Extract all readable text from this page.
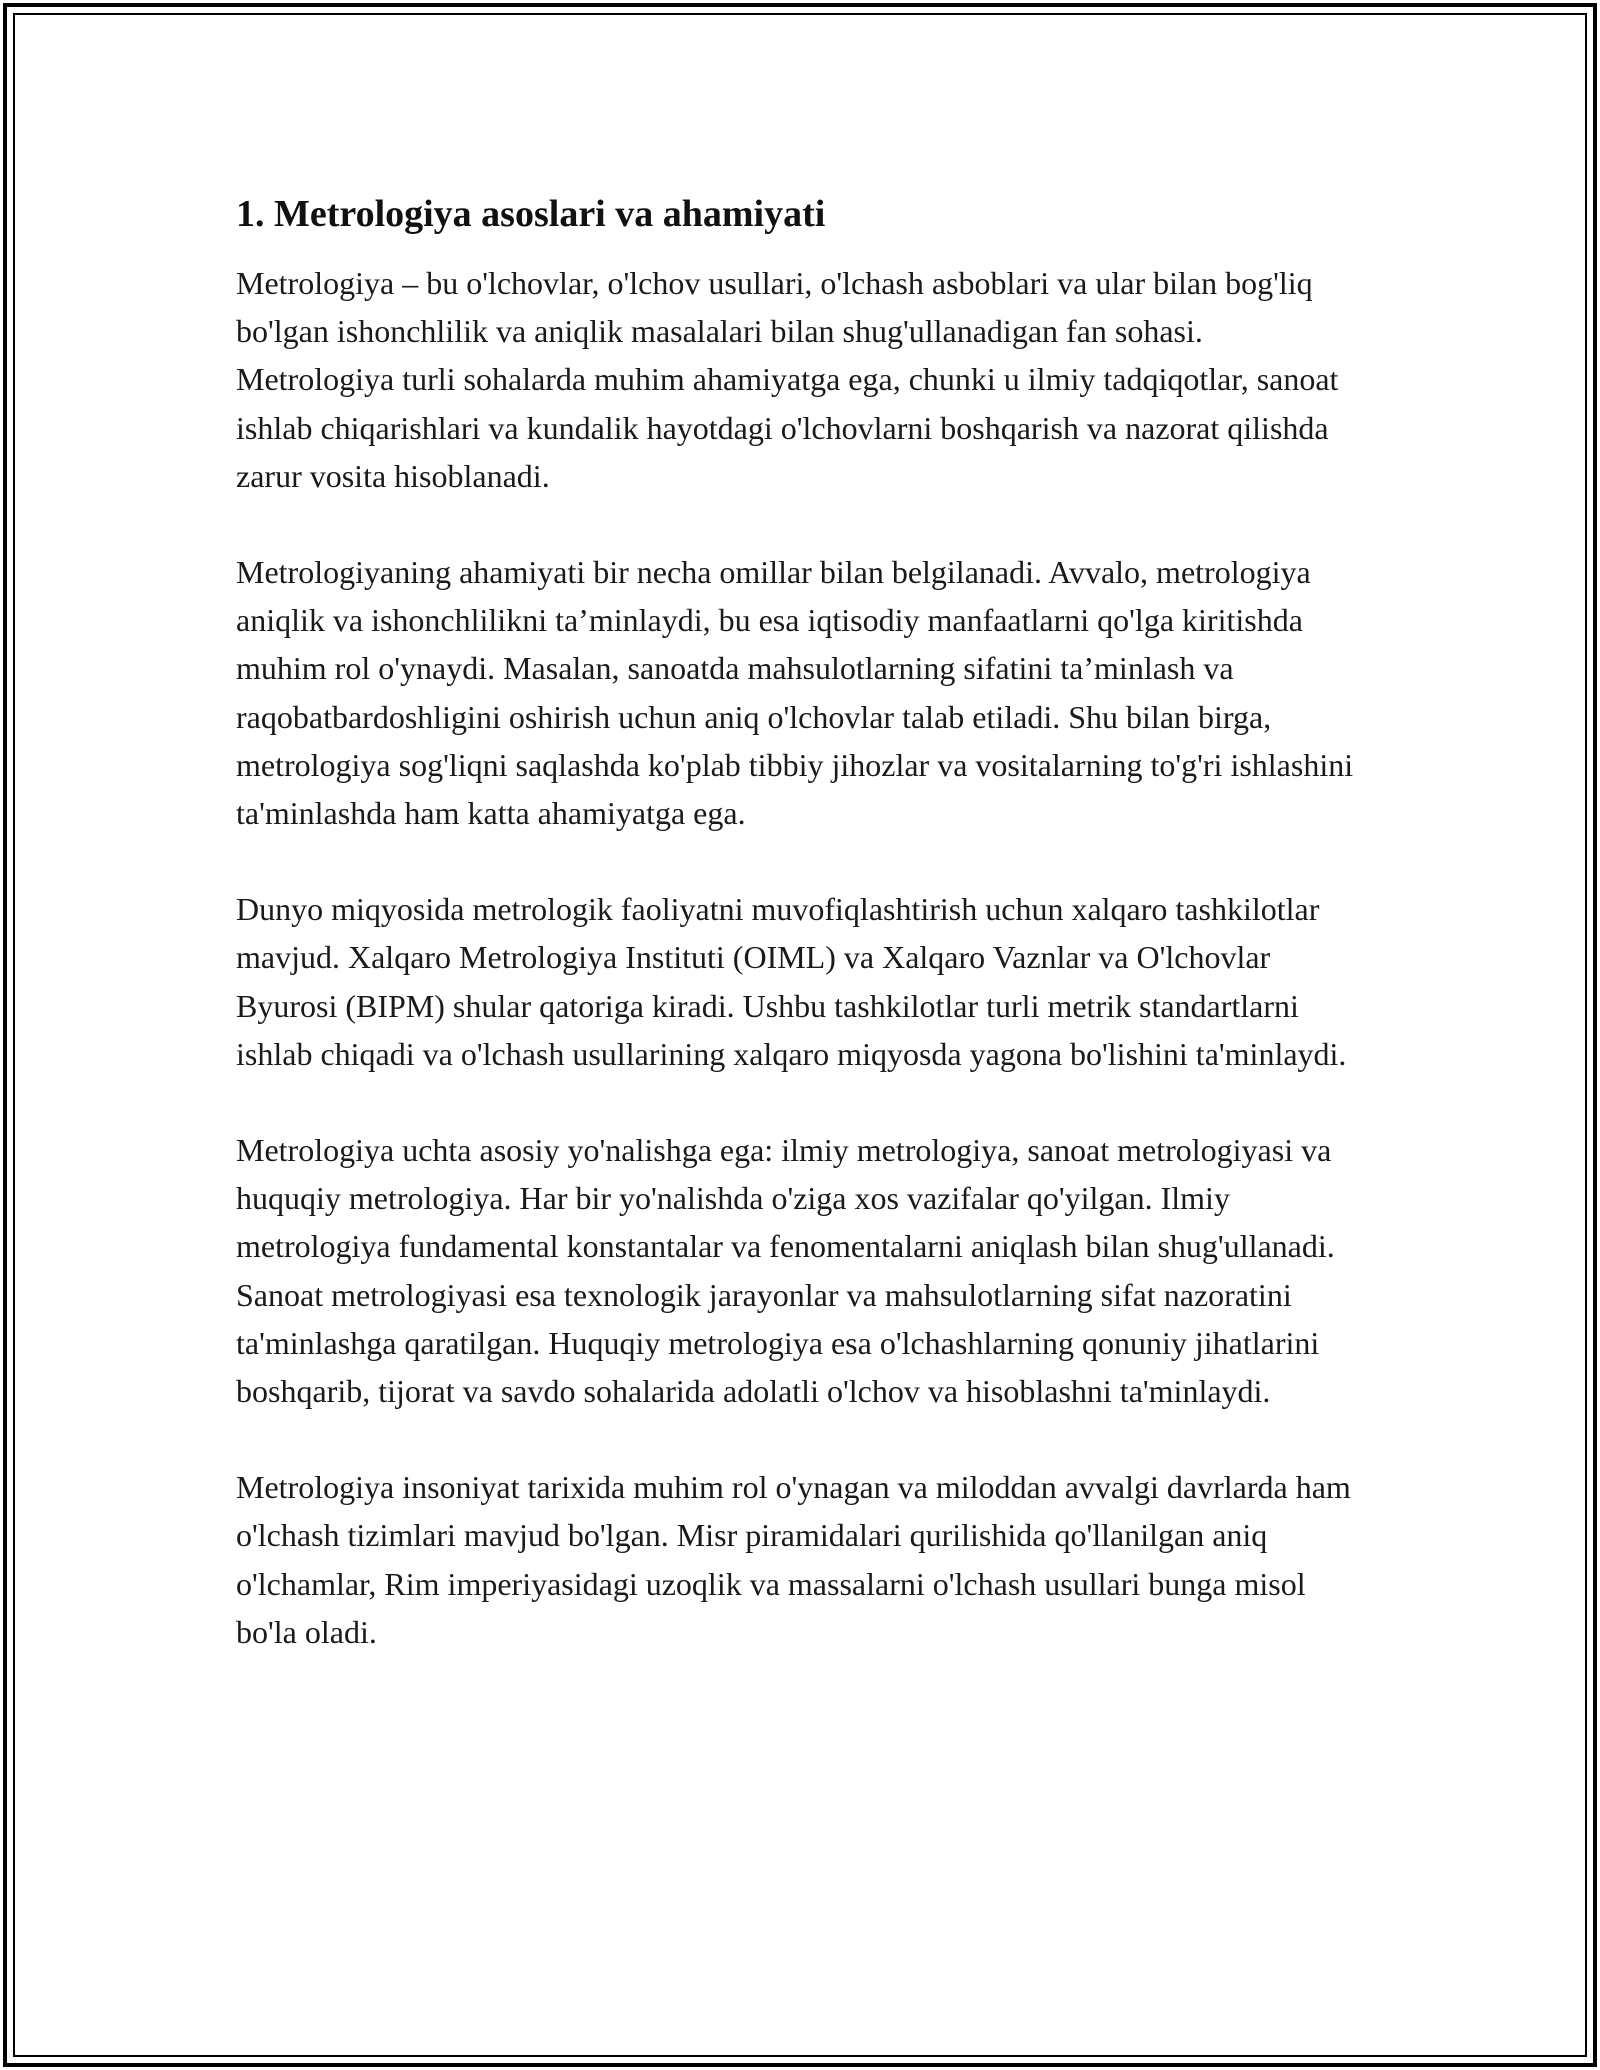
1. Metrologiya asoslari va ahamiyati

Metrologiya – bu o'lchovlar, o'lchov usullari, o'lchash asboblari va ular bilan bog'liq bo'lgan ishonchlilik va aniqlik masalalari bilan shug'ullanadigan fan sohasi. Metrologiya turli sohalarda muhim ahamiyatga ega, chunki u ilmiy tadqiqotlar, sanoat ishlab chiqarishlari va kundalik hayotdagi o'lchovlarni boshqarish va nazorat qilishda zarur vosita hisoblanadi.

Metrologiyaning ahamiyati bir necha omillar bilan belgilanadi. Avvalo, metrologiya aniqlik va ishonchlilikni ta’minlaydi, bu esa iqtisodiy manfaatlarni qo'lga kiritishda muhim rol o'ynaydi. Masalan, sanoatda mahsulotlarning sifatini ta’minlash va raqobatbardoshligini oshirish uchun aniq o'lchovlar talab etiladi. Shu bilan birga, metrologiya sog'liqni saqlashda ko'plab tibbiy jihozlar va vositalarning to'g'ri ishlashini ta'minlashda ham katta ahamiyatga ega.

Dunyo miqyosida metrologik faoliyatni muvofiqlashtirish uchun xalqaro tashkilotlar mavjud. Xalqaro Metrologiya Instituti (OIML) va Xalqaro Vaznlar va O'lchovlar Byurosi (BIPM) shular qatoriga kiradi. Ushbu tashkilotlar turli metrik standartlarni ishlab chiqadi va o'lchash usullarining xalqaro miqyosda yagona bo'lishini ta'minlaydi.

Metrologiya uchta asosiy yo'nalishga ega: ilmiy metrologiya, sanoat metrologiyasi va huquqiy metrologiya. Har bir yo'nalishda o'ziga xos vazifalar qo'yilgan. Ilmiy metrologiya fundamental konstantalar va fenomentalarni aniqlash bilan shug'ullanadi. Sanoat metrologiyasi esa texnologik jarayonlar va mahsulotlarning sifat nazoratini ta'minlashga qaratilgan. Huquqiy metrologiya esa o'lchashlarning qonuniy jihatlarini boshqarib, tijorat va savdo sohalarida adolatli o'lchov va hisoblashni ta'minlaydi.

Metrologiya insoniyat tarixida muhim rol o'ynagan va miloddan avvalgi davrlarda ham o'lchash tizimlari mavjud bo'lgan. Misr piramidalari qurilishida qo'llanilgan aniq o'lchamlar, Rim imperiyasidagi uzoqlik va massalarni o'lchash usullari bunga misol bo'la oladi.
